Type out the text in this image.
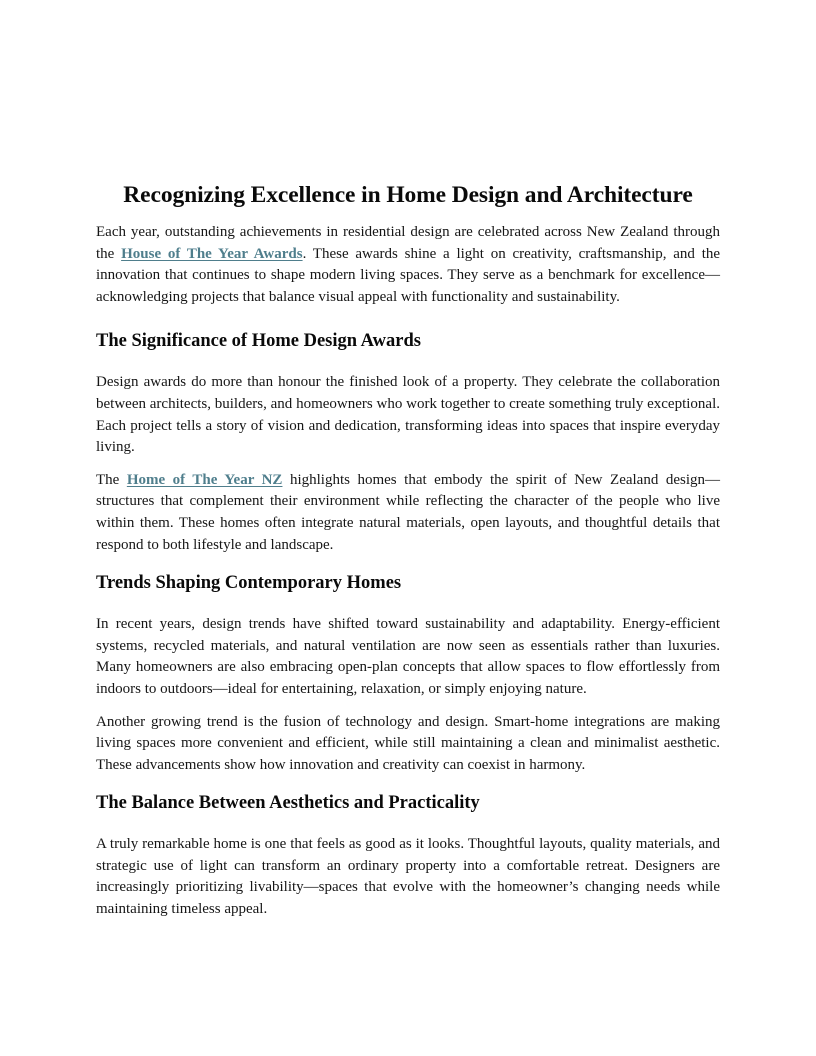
Recognizing Excellence in Home Design and Architecture

Each year, outstanding achievements in residential design are celebrated across New Zealand through the House of The Year Awards. These awards shine a light on creativity, craftsmanship, and the innovation that continues to shape modern living spaces. They serve as a benchmark for excellence—acknowledging projects that balance visual appeal with functionality and sustainability.

The Significance of Home Design Awards

Design awards do more than honour the finished look of a property. They celebrate the collaboration between architects, builders, and homeowners who work together to create something truly exceptional. Each project tells a story of vision and dedication, transforming ideas into spaces that inspire everyday living.

The Home of The Year NZ highlights homes that embody the spirit of New Zealand design—structures that complement their environment while reflecting the character of the people who live within them. These homes often integrate natural materials, open layouts, and thoughtful details that respond to both lifestyle and landscape.

Trends Shaping Contemporary Homes

In recent years, design trends have shifted toward sustainability and adaptability. Energy-efficient systems, recycled materials, and natural ventilation are now seen as essentials rather than luxuries. Many homeowners are also embracing open-plan concepts that allow spaces to flow effortlessly from indoors to outdoors—ideal for entertaining, relaxation, or simply enjoying nature.

Another growing trend is the fusion of technology and design. Smart-home integrations are making living spaces more convenient and efficient, while still maintaining a clean and minimalist aesthetic. These advancements show how innovation and creativity can coexist in harmony.

The Balance Between Aesthetics and Practicality

A truly remarkable home is one that feels as good as it looks. Thoughtful layouts, quality materials, and strategic use of light can transform an ordinary property into a comfortable retreat. Designers are increasingly prioritizing livability—spaces that evolve with the homeowner’s changing needs while maintaining timeless appeal.
